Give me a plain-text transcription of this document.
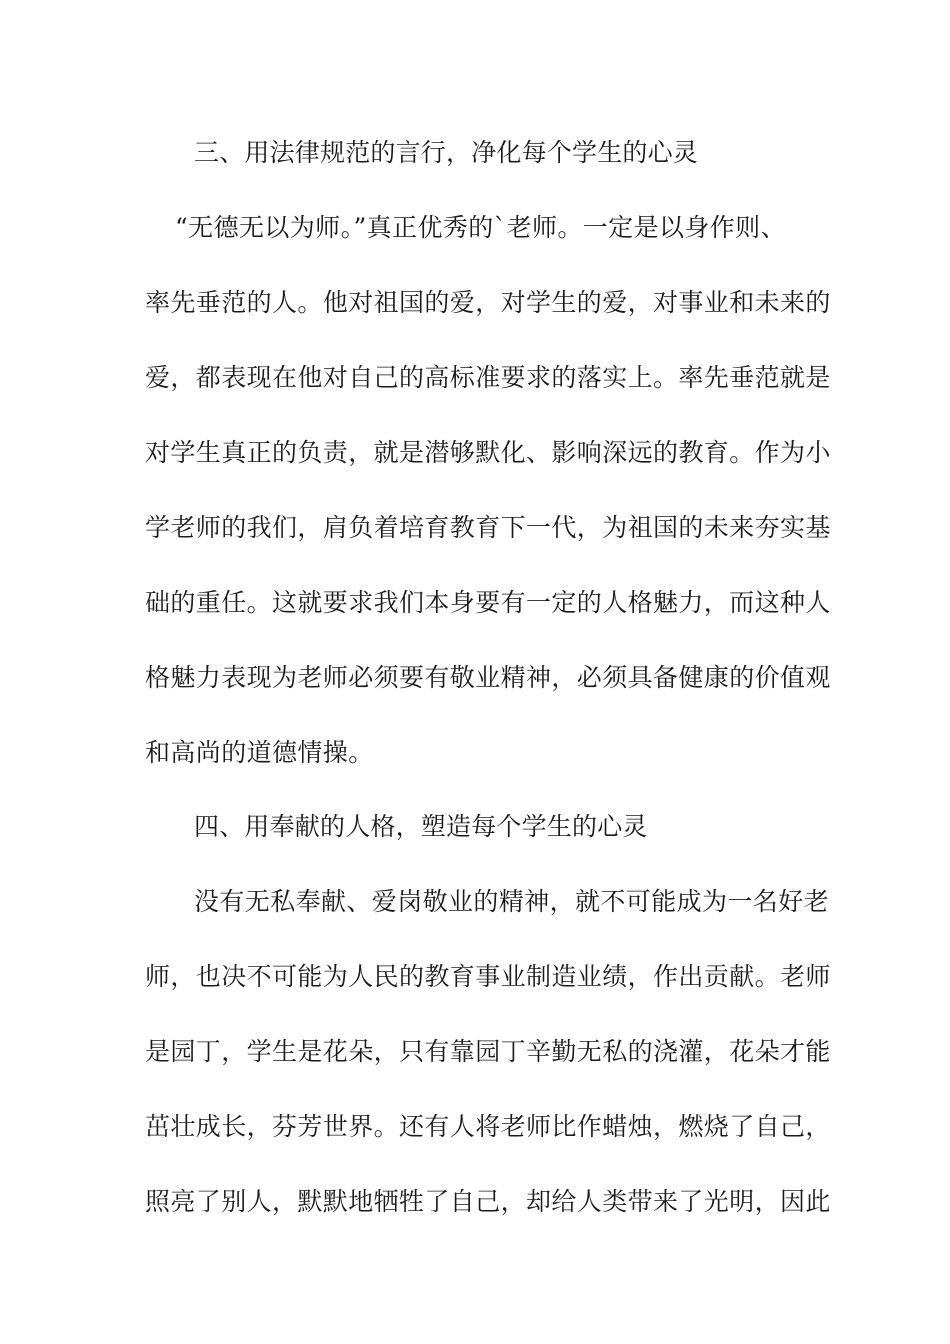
三、用法律规范的言行，净化每个学生的心灵
“无德无以为师。”真正优秀的`老师。一定是以身作则、
率先垂范的人。他对祖国的爱，对学生的爱，对事业和未来的
爱，都表现在他对自己的高标准要求的落实上。率先垂范就是
对学生真正的负责，就是潜够默化、影响深远的教育。作为小
学老师的我们，肩负着培育教育下一代，为祖国的未来夯实基
础的重任。这就要求我们本身要有一定的人格魅力，而这种人
格魅力表现为老师必须要有敬业精神，必须具备健康的价值观
和高尚的道德情操。
四、用奉献的人格，塑造每个学生的心灵
没有无私奉献、爱岗敬业的精神，就不可能成为一名好老
师，也决不可能为人民的教育事业制造业绩，作出贡献。老师
是园丁，学生是花朵，只有靠园丁辛勤无私的浇灌，花朵才能
茁壮成长，芬芳世界。还有人将老师比作蜡烛，燃烧了自己，
照亮了别人，默默地牺牲了自己，却给人类带来了光明，因此
